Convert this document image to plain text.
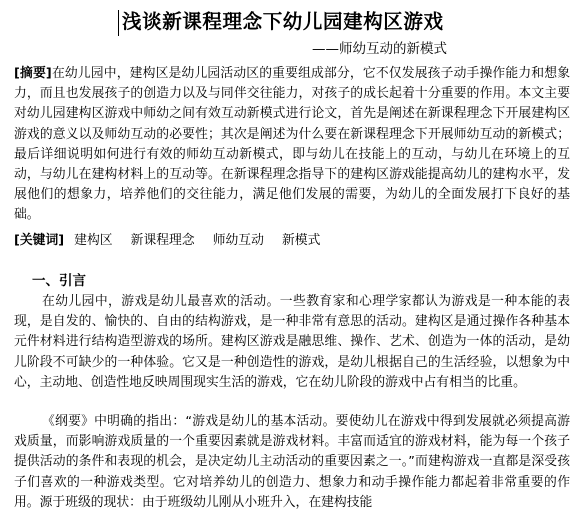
浅谈新课程理念下幼儿园建构区游戏
——师幼互动的新模式
[摘要]在幼儿园中，建构区是幼儿园活动区的重要组成部分，它不仅发展孩子动手操作能力和想象力，而且也发展孩子的创造力以及与同伴交往能力，对孩子的成长起着十分重要的作用。本文主要对幼儿园建构区游戏中师幼之间有效互动新模式进行论文，首先是阐述在新课程理念下开展建构区游戏的意义以及师幼互动的必要性；其次是阐述为什么要在新课程理念下开展师幼互动的新模式；最后详细说明如何进行有效的师幼互动新模式，即与幼儿在技能上的互动，与幼儿在环境上的互动，与幼儿在建构材料上的互动等。在新课程理念指导下的建构区游戏能提高幼儿的建构水平，发展他们的想象力，培养他们的交往能力，满足他们发展的需要，为幼儿的全面发展打下良好的基础。
[关键词] 建构区 新课程理念 师幼互动 新模式
一、引言
在幼儿园中，游戏是幼儿最喜欢的活动。一些教育家和心理学家都认为游戏是一种本能的表现，是自发的、愉快的、自由的结构游戏，是一种非常有意思的活动。建构区是通过操作各种基本元件材料进行结构造型游戏的场所。建构区游戏是融思维、操作、艺术、创造为一体的活动，是幼儿阶段不可缺少的一种体验。它又是一种创造性的游戏，是幼儿根据自己的生活经验，以想象为中心，主动地、创造性地反映周围现实生活的游戏，它在幼儿阶段的游戏中占有相当的比重。
《纲要》中明确的指出：“游戏是幼儿的基本活动。要使幼儿在游戏中得到发展就必须提高游戏质量，而影响游戏质量的一个重要因素就是游戏材料。丰富而适宜的游戏材料，能为每一个孩子提供活动的条件和表现的机会，是决定幼儿主动活动的重要因素之一。”而建构游戏一直都是深受孩子们喜欢的一种游戏类型。它对培养幼儿的创造力、想象力和动手操作能力都起着非常重要的作用。源于班级的现状：由于班级幼儿刚从小班升入，在建构技能
